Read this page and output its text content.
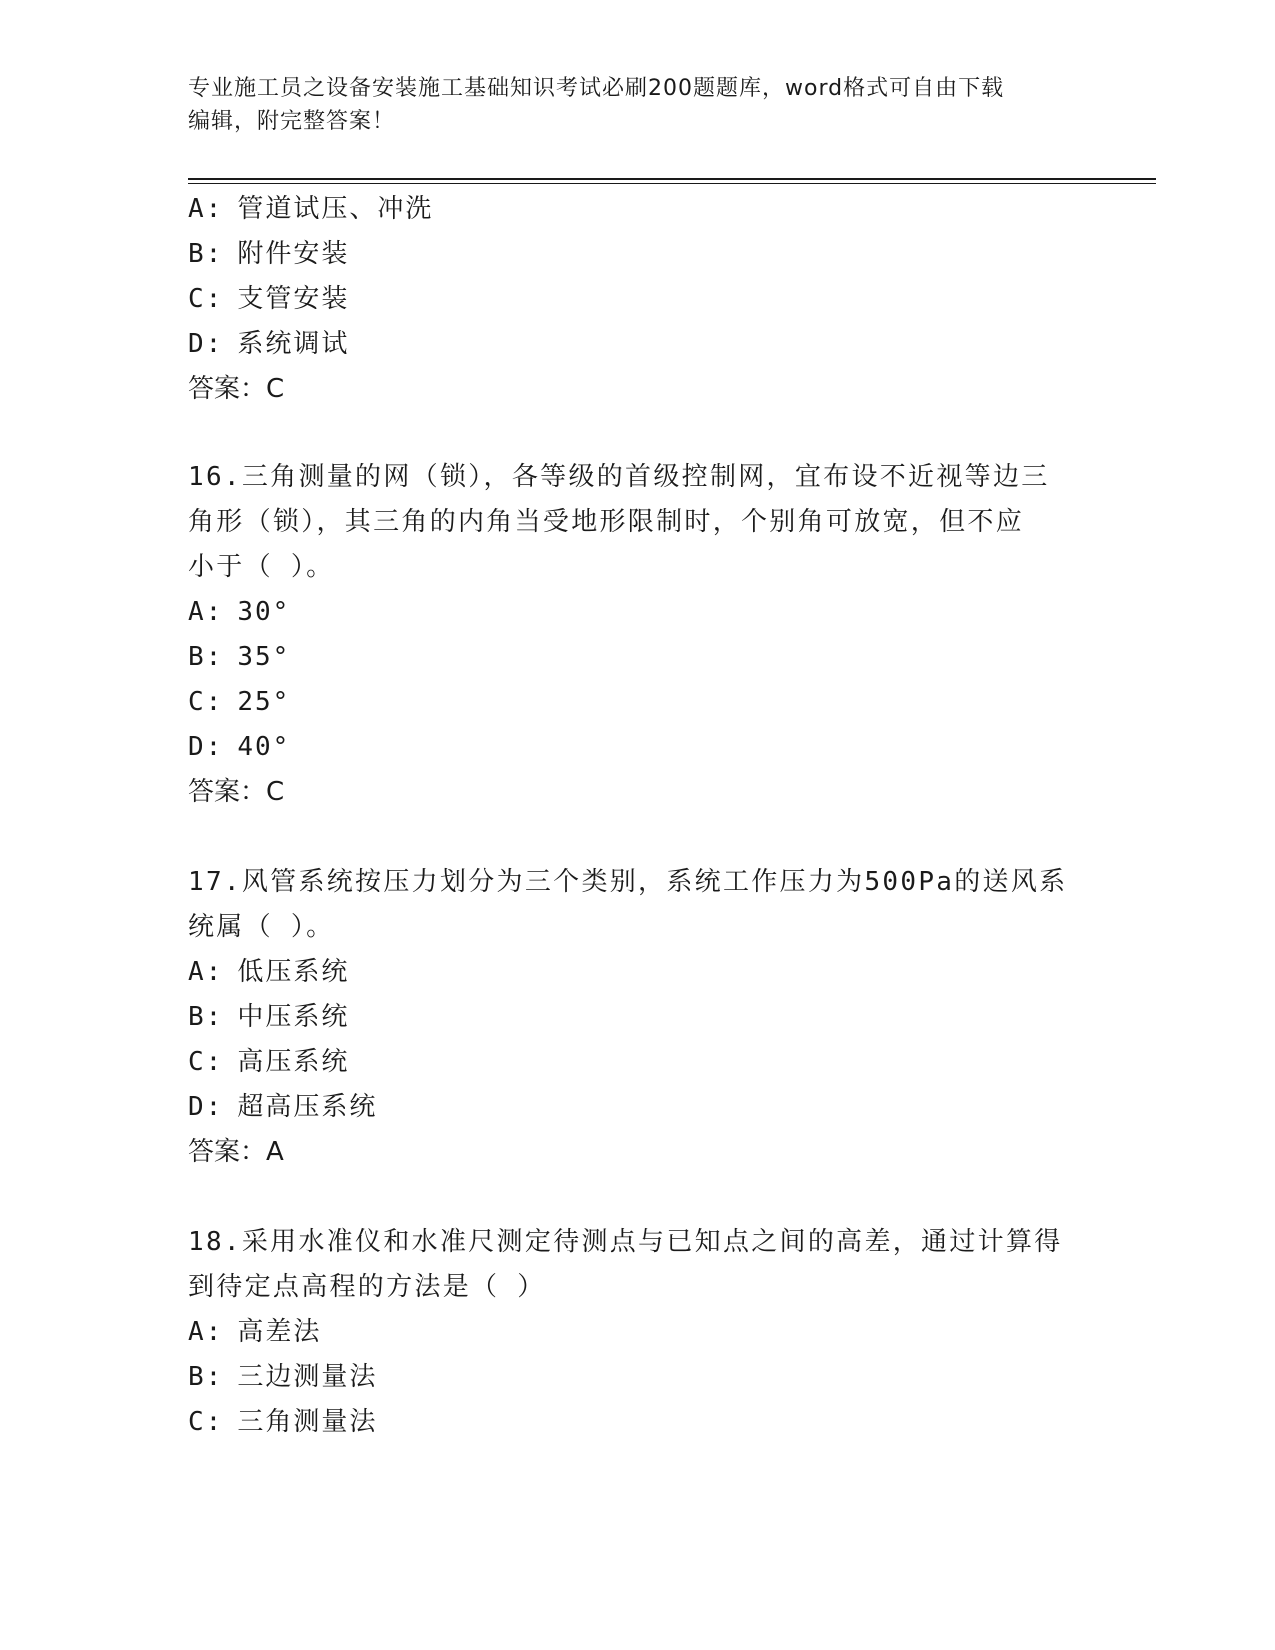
专业施工员之设备安装施工基础知识考试必刷200题题库，word格式可自由下载
编辑，附完整答案！
A: 管道试压、冲洗
B: 附件安装
C: 支管安装
D: 系统调试
答案：C
16.三角测量的网（锁），各等级的首级控制网，宜布设不近视等边三
角形（锁），其三角的内角当受地形限制时，个别角可放宽，但不应
小于（ ）。
A: 30°
B: 35°
C: 25°
D: 40°
答案：C
17.风管系统按压力划分为三个类别，系统工作压力为500Pa的送风系
统属（ ）。
A: 低压系统
B: 中压系统
C: 高压系统
D: 超高压系统
答案：A
18.采用水准仪和水准尺测定待测点与已知点之间的高差，通过计算得
到待定点高程的方法是（ ）
A: 高差法
B: 三边测量法
C: 三角测量法
